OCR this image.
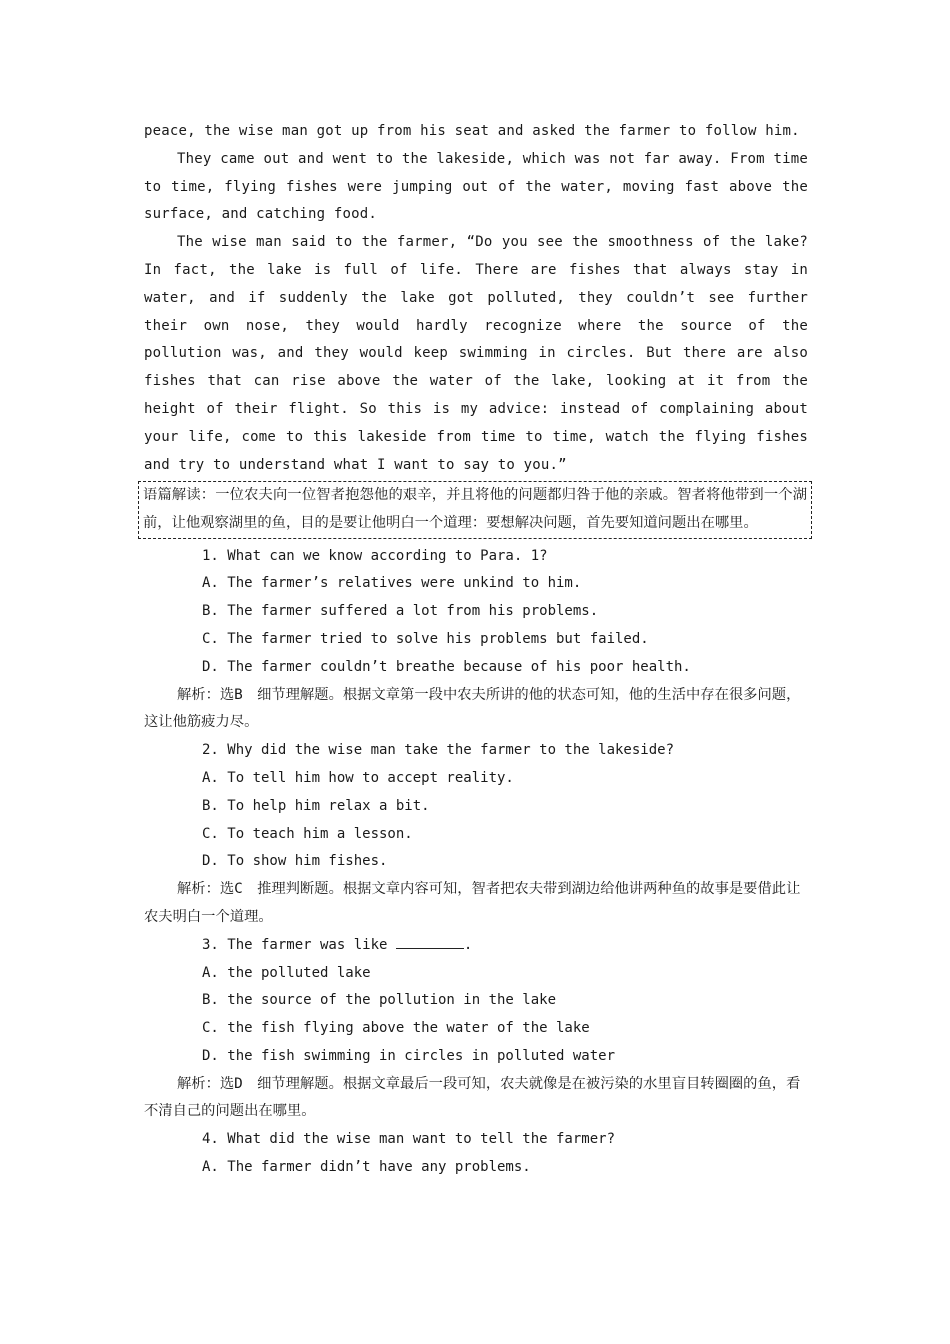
peace, the wise man got up from his seat and asked the farmer to follow him.

They came out and went to the lakeside, which was not far away. From time to time, flying fishes were jumping out of the water, moving fast above the surface, and catching food.

The wise man said to the farmer, “Do you see the smoothness of the lake? In fact, the lake is full of life. There are fishes that always stay in water, and if suddenly the lake got polluted, they couldn’t see further their own nose, they would hardly recognize where the source of the pollution was, and they would keep swimming in circles. But there are also fishes that can rise above the water of the lake, looking at it from the height of their flight. So this is my advice: instead of complaining about your life, come to this lakeside from time to time, watch the flying fishes and try to understand what I want to say to you.”

语篇解读：一位农夫向一位智者抱怨他的艰辛，并且将他的问题都归咎于他的亲戚。智者将他带到一个湖前，让他观察湖里的鱼，目的是要让他明白一个道理：要想解决问题，首先要知道问题出在哪里。

1. What can we know according to Para. 1?

A. The farmer’s relatives were unkind to him.

B. The farmer suffered a lot from his problems.

C. The farmer tried to solve his problems but failed.

D. The farmer couldn’t breathe because of his poor health.

解析：选B　细节理解题。根据文章第一段中农夫所讲的他的状态可知，他的生活中存在很多问题，这让他筋疲力尽。

2. Why did the wise man take the farmer to the lakeside?

A. To tell him how to accept reality.

B. To help him relax a bit.

C. To teach him a lesson.

D. To show him fishes.

解析：选C　推理判断题。根据文章内容可知，智者把农夫带到湖边给他讲两种鱼的故事是要借此让农夫明白一个道理。

3. The farmer was like	.

A. the polluted lake

B. the source of the pollution in the lake

C. the fish flying above the water of the lake

D. the fish swimming in circles in polluted water

解析：选D　细节理解题。根据文章最后一段可知，农夫就像是在被污染的水里盲目转圈圈的鱼，看不清自己的问题出在哪里。

4. What did the wise man want to tell the farmer?

A. The farmer didn’t have any problems.
